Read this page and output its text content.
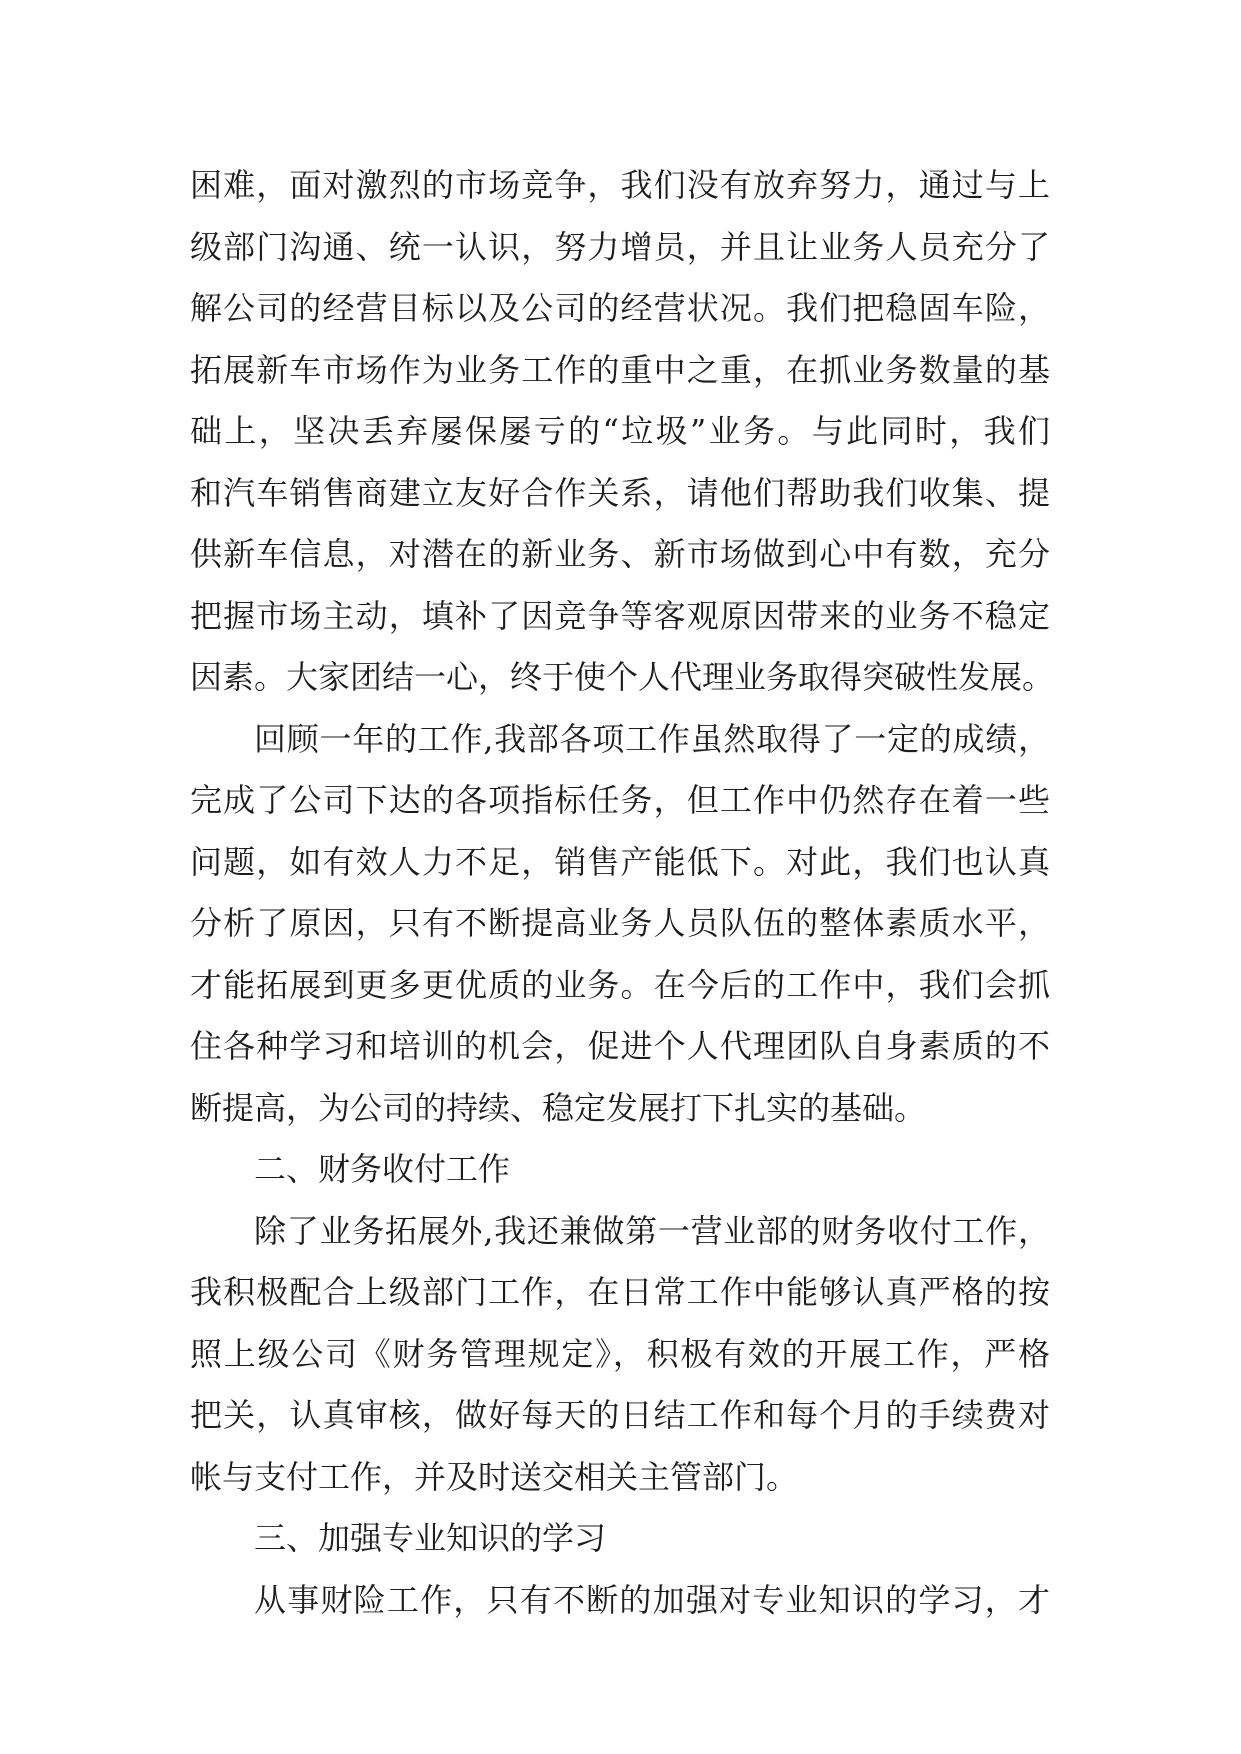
困难，面对激烈的市场竞争，我们没有放弃努力，通过与上
级部门沟通、统一认识，努力增员，并且让业务人员充分了
解公司的经营目标以及公司的经营状况。我们把稳固车险，
拓展新车市场作为业务工作的重中之重，在抓业务数量的基
础上，坚决丢弃屡保屡亏的“垃圾”业务。与此同时，我们
和汽车销售商建立友好合作关系，请他们帮助我们收集、提
供新车信息，对潜在的新业务、新市场做到心中有数，充分
把握市场主动，填补了因竞争等客观原因带来的业务不稳定
因素。大家团结一心，终于使个人代理业务取得突破性发展。
回顾一年的工作,我部各项工作虽然取得了一定的成绩，
完成了公司下达的各项指标任务，但工作中仍然存在着一些
问题，如有效人力不足，销售产能低下。对此，我们也认真
分析了原因，只有不断提高业务人员队伍的整体素质水平，
才能拓展到更多更优质的业务。在今后的工作中，我们会抓
住各种学习和培训的机会，促进个人代理团队自身素质的不
断提高，为公司的持续、稳定发展打下扎实的基础。
二、财务收付工作
除了业务拓展外,我还兼做第一营业部的财务收付工作，
我积极配合上级部门工作，在日常工作中能够认真严格的按
照上级公司《财务管理规定》，积极有效的开展工作，严格
把关，认真审核，做好每天的日结工作和每个月的手续费对
帐与支付工作，并及时送交相关主管部门。
三、加强专业知识的学习
从事财险工作，只有不断的加强对专业知识的学习，才
